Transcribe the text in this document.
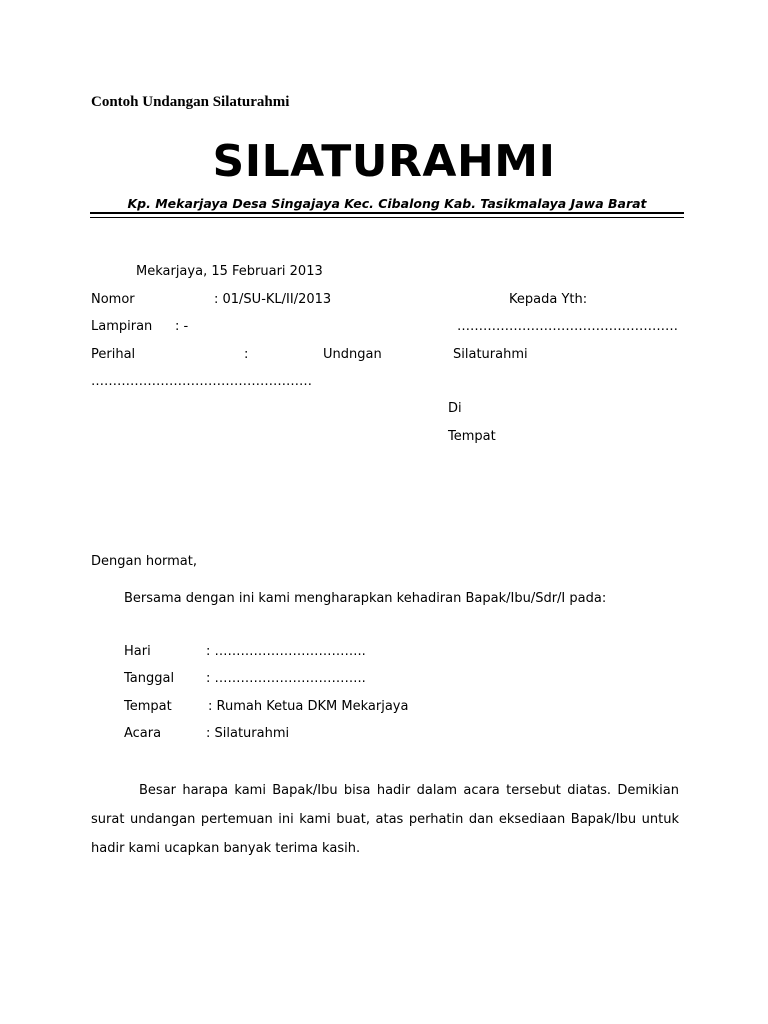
Contoh Undangan Silaturahmi
SILATURAHMI
Kp. Mekarjaya Desa Singajaya Kec. Cibalong Kab. Tasikmalaya Jawa Barat
Mekarjaya, 15 Februari 2013
Nomor	: 01/SU-KL/II/2013	Kepada Yth:
Lampiran : -	……………………………………………
Perihal	:	Undngan	Silaturahmi
……………………………………………
Di
Tempat
Dengan hormat,
Bersama dengan ini kami mengharapkan kehadiran Bapak/Ibu/Sdr/I pada:
Hari	: ……………………………..
Tanggal : ……………………………..
Tempat	: Rumah Ketua DKM Mekarjaya
Acara	: Silaturahmi
Besar harapa kami Bapak/Ibu bisa hadir dalam acara tersebut diatas. Demikian surat undangan pertemuan ini kami buat, atas perhatin dan eksediaan Bapak/Ibu untuk hadir kami ucapkan banyak terima kasih.
